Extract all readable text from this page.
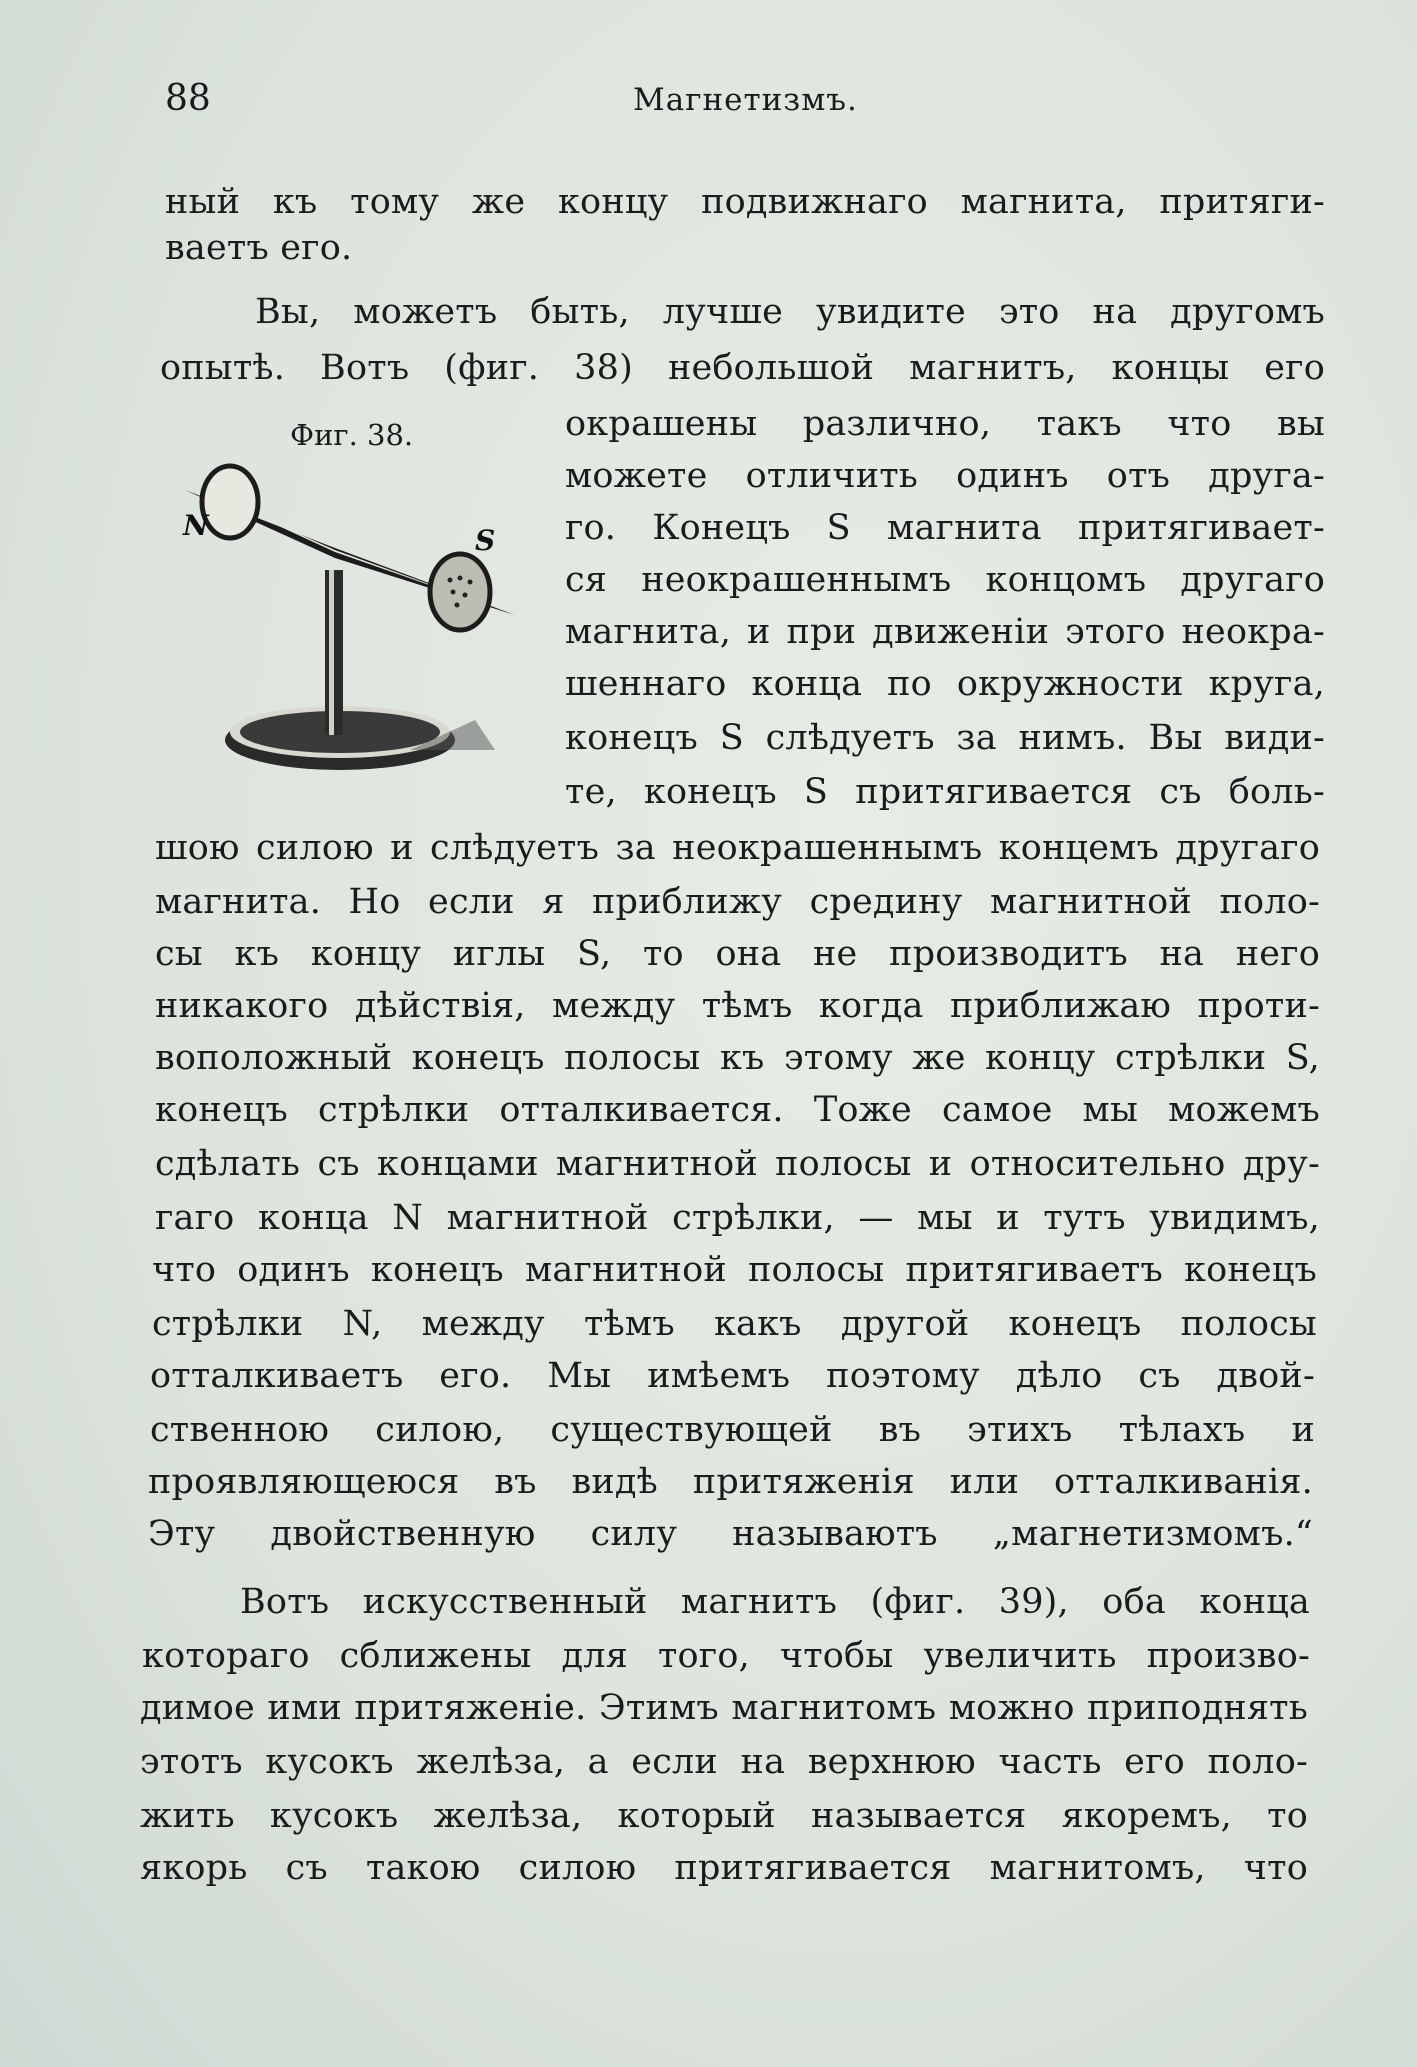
88	Магнетизмъ.
ный къ тому же концу подвижнаго магнита, притяги-
ваетъ его.
Вы, можетъ быть, лучше увидите это на другомъ
опытѣ. Вотъ (фиг. 38) небольшой магнитъ, концы его
Фиг. 38.
N	S
окрашены различно, такъ что вы
можете отличить одинъ отъ друга-
го. Конецъ S магнита притягивает-
ся неокрашеннымъ концомъ другаго
магнита, и при движеніи этого неокра-
шеннаго конца по окружности круга,
конецъ S слѣдуетъ за нимъ. Вы види-
те, конецъ S притягивается съ боль-
шою силою и слѣдуетъ за неокрашеннымъ концемъ другаго
магнита. Но если я приближу средину магнитной поло-
сы къ концу иглы S, то она не производитъ на него
никакого дѣйствія, между тѣмъ когда приближаю проти-
воположный конецъ полосы къ этому же концу стрѣлки S,
конецъ стрѣлки отталкивается. Тоже самое мы можемъ
сдѣлать съ концами магнитной полосы и относительно дру-
гаго конца N магнитной стрѣлки, — мы и тутъ увидимъ,
что одинъ конецъ магнитной полосы притягиваетъ конецъ
стрѣлки N, между тѣмъ какъ другой конецъ полосы
отталкиваетъ его. Мы имѣемъ поэтому дѣло съ двой-
ственною силою, существующей въ этихъ тѣлахъ и
проявляющеюся въ видѣ притяженія или отталкиванія.
Эту двойственную силу называютъ „магнетизмомъ.“
Вотъ искусственный магнитъ (фиг. 39), оба конца
котораго сближены для того, чтобы увеличить произво-
димое ими притяженіе. Этимъ магнитомъ можно приподнять
этотъ кусокъ желѣза, а если на верхнюю часть его поло-
жить кусокъ желѣза, который называется якоремъ, то
якорь съ такою силою притягивается магнитомъ, что
